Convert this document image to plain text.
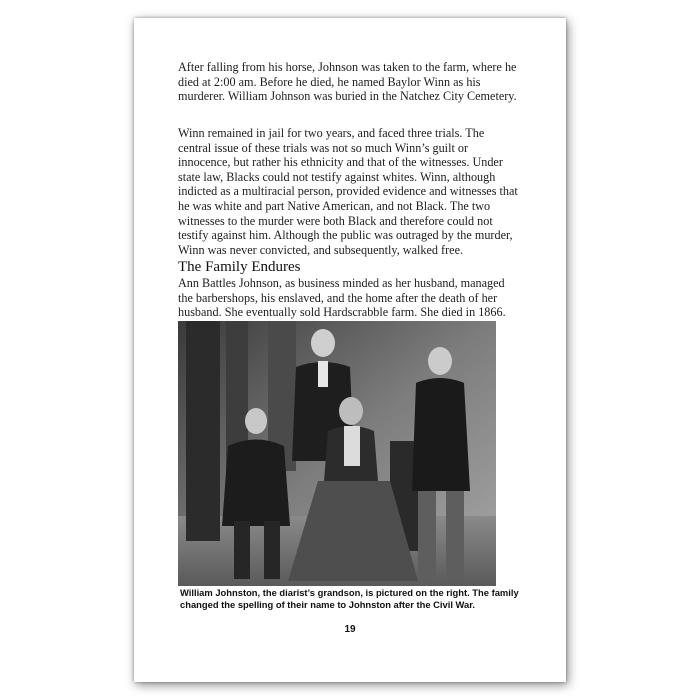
After falling from his horse, Johnson was taken to the farm, where he died at 2:00 am. Before he died, he named Baylor Winn as his murderer. William Johnson was buried in the Natchez City Cemetery.

Winn remained in jail for two years, and faced three trials. The central issue of these trials was not so much Winn’s guilt or innocence, but rather his ethnicity and that of the witnesses. Under state law, Blacks could not testify against whites. Winn, although indicted as a multiracial person, provided evidence and witnesses that he was white and part Native American, and not Black. The two witnesses to the murder were both Black and therefore could not testify against him. Although the public was outraged by the murder, Winn was never convicted, and subsequently, walked free.

The Family Endures

Ann Battles Johnson, as business minded as her husband, managed the barbershops, his enslaved, and the home after the death of her husband. She eventually sold Hardscrabble farm. She died in 1866.

William Johnston, the diarist’s grandson, is pictured on the right. The family changed the spelling of their name to Johnston after the Civil War.

19
